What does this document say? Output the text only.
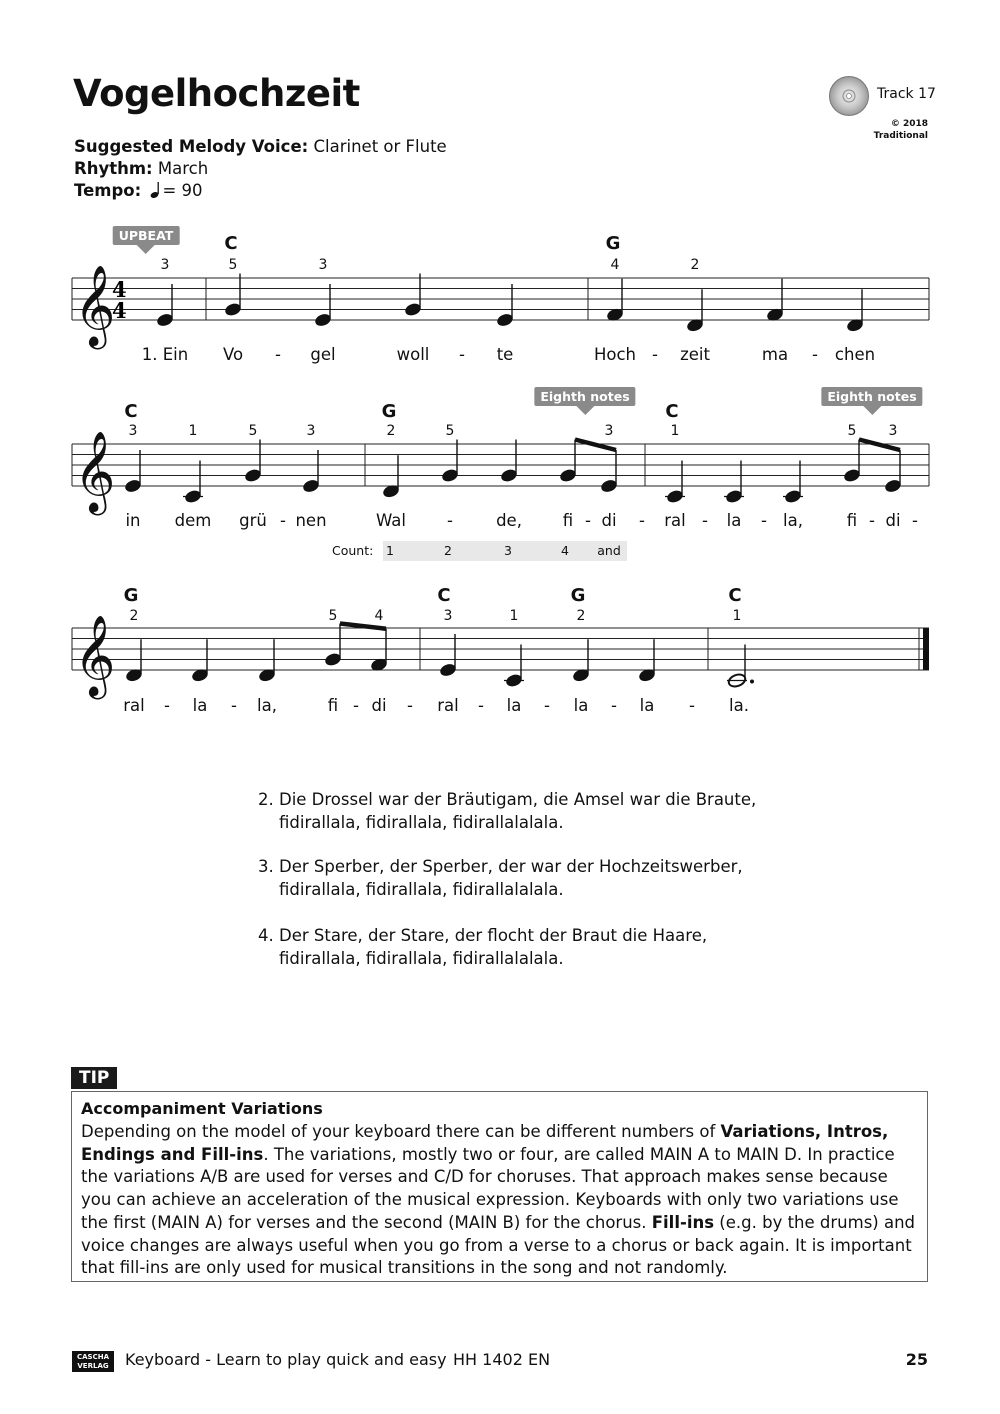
Vogelhochzeit	Track 17
© 2018
Traditional
Suggested Melody Voice: Clarinet or Flute
Rhythm: March
Tempo: = 90
UPBEAT
Eighth notes	Eighth notes
C	G
C	G	C
G	C	G	C
3	5	3	4	2
3	1	5	3	2	5	3	1	5 3
2	5	4	3	1	2	1
𝄞
𝄞
𝄞
4
4
1. Ein Vo - gel	woll - te	Hoch - zeit	ma - chen
in dem grü - nen	Wal -	de, fi - di - ral - la - la,	fi - di -
Count: 1	2	3	4 and
ral - la - la,	fi - di - ral - la - la - la - la.
2. Die Drossel war der Bräutigam, die Amsel war die Braute,
fidirallala, fidirallala, fidirallalalala.
3. Der Sperber, der Sperber, der war der Hochzeitswerber,
fidirallala, fidirallala, fidirallalalala.
4. Der Stare, der Stare, der flocht der Braut die Haare,
fidirallala, fidirallala, fidirallalalala.
TIP
Accompaniment Variations
Depending on the model of your keyboard there can be different numbers of Variations, Intros, Endings and Fill-ins. The variations, mostly two or four, are called MAIN A to MAIN D. In practice the variations A/B are used for verses and C/D for choruses. That approach makes sense because you can achieve an acceleration of the musical expression. Keyboards with only two variations use the first (MAIN A) for verses and the second (MAIN B) for the chorus. Fill-ins (e.g. by the drums) and voice changes are always useful when you go from a verse to a chorus or back again. It is important that fill-ins are only used for musical transitions in the song and not randomly.
CASCHA
VERLAG	Keyboard - Learn to play quick and easy HH 1402 EN	25
